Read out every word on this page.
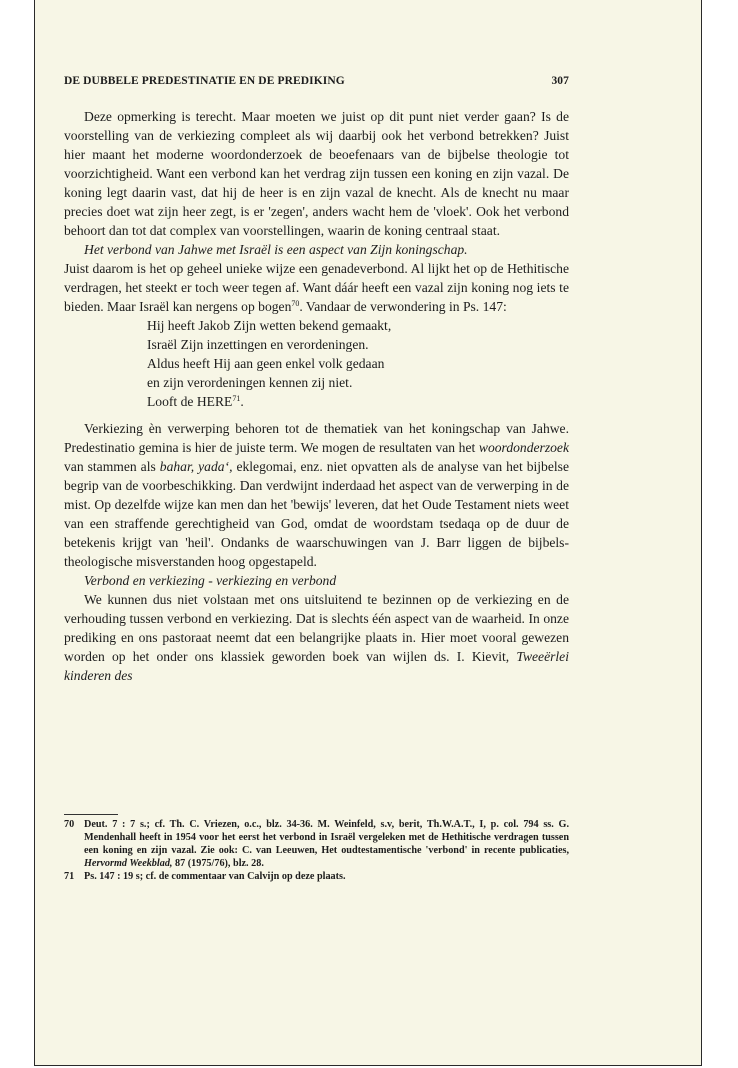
DE DUBBELE PREDESTINATIE EN DE PREDIKING	307

Deze opmerking is terecht. Maar moeten we juist op dit punt niet verder gaan? Is de voorstelling van de verkiezing compleet als wij daarbij ook het verbond betrekken? Juist hier maant het moderne woordonderzoek de beoefenaars van de bijbelse theologie tot voorzichtigheid. Want een verbond kan het verdrag zijn tussen een koning en zijn vazal. De koning legt daarin vast, dat hij de heer is en zijn vazal de knecht. Als de knecht nu maar precies doet wat zijn heer zegt, is er 'zegen', anders wacht hem de 'vloek'. Ook het verbond behoort dan tot dat complex van voorstellingen, waarin de koning centraal staat.

Het verbond van Jahwe met Israël is een aspect van Zijn koningschap.
Juist daarom is het op geheel unieke wijze een genadeverbond. Al lijkt het op de Hethitische verdragen, het steekt er toch weer tegen af. Want dáár heeft een vazal zijn koning nog iets te bieden. Maar Israël kan nergens op bogen$^{70}$. Vandaar de verwondering in Ps. 147:

Hij heeft Jakob Zijn wetten bekend gemaakt,
Israël Zijn inzettingen en verordeningen.
Aldus heeft Hij aan geen enkel volk gedaan
en zijn verordeningen kennen zij niet.
Looft de HERE$^{71}$.

Verkiezing èn verwerping behoren tot de thematiek van het koningschap van Jahwe. Predestinatio gemina is hier de juiste term. We mogen de resultaten van het woordonderzoek van stammen als bahar, yada‘, eklegomai, enz. niet opvatten als de analyse van het bijbelse begrip van de voorbeschikking. Dan verdwijnt inderdaad het aspect van de verwerping in de mist. Op dezelfde wijze kan men dan het 'bewijs' leveren, dat het Oude Testament niets weet van een straffende gerechtigheid van God, omdat de woordstam tsedaqa op de duur de betekenis krijgt van 'heil'. Ondanks de waarschuwingen van J. Barr liggen de bijbels-theologische misverstanden hoog opgestapeld.

Verbond en verkiezing - verkiezing en verbond

We kunnen dus niet volstaan met ons uitsluitend te bezinnen op de verkiezing en de verhouding tussen verbond en verkiezing. Dat is slechts één aspect van de waarheid. In onze prediking en ons pastoraat neemt dat een belangrijke plaats in. Hier moet vooral gewezen worden op het onder ons klassiek geworden boek van wijlen ds. I. Kievit, Tweeërlei kinderen des

70 Deut. 7 : 7 s.; cf. Th. C. Vriezen, o.c., blz. 34-36. M. Weinfeld, s.v, berit, Th.W.A.T., I, p. col. 794 ss. G. Mendenhall heeft in 1954 voor het eerst het verbond in Israël vergeleken met de Hethitische verdragen tussen een koning en zijn vazal. Zie ook: C. van Leeuwen, Het oudtestamentische 'verbond' in recente publicaties, Hervormd Weekblad, 87 (1975/76), blz. 28.
71 Ps. 147 : 19 s; cf. de commentaar van Calvijn op deze plaats.
